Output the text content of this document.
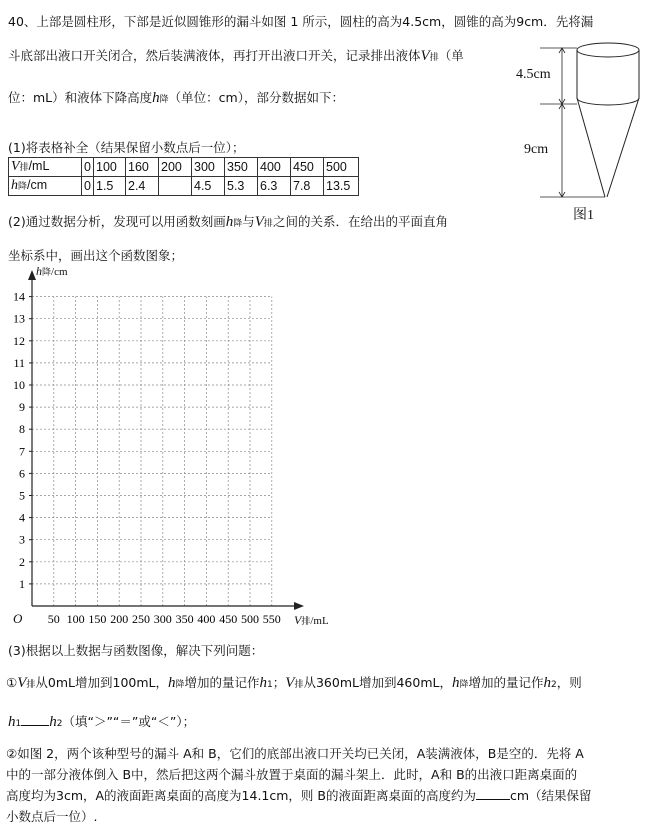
40、上部是圆柱形，下部是近似圆锥形的漏斗如图 1 所示，圆柱的高为4.5cm，圆锥的高为9cm．先将漏
斗底部出液口开关闭合，然后装满液体，再打开出液口开关，记录排出液体V排（单
位：mL）和液体下降高度h降（单位：cm），部分数据如下：
4.5cm
9cm
图1
(1)将表格补全（结果保留小数点后一位）；
V排/mL	0	100	160	200	300	350	400	450	500
h降/cm	0	1.5	2.4		4.5	5.3	6.3	7.8	13.5
(2)通过数据分析，发现可以用函数刻画h降与V排之间的关系．在给出的平面直角
坐标系中，画出这个函数图象；
14
13
12
11
10
9
8
7
6
5
4
3
2
1
50 100 150 200 250 300 350 400 450 500 550
h降/cm
V排/mL
O
(3)根据以上数据与函数图像，解决下列问题：
①V排从0mL增加到100mL，h降增加的量记作h1；V排从360mL增加到460mL，h降增加的量记作h2，则
h1 h2（填“＞”“＝”或“＜”）；
②如图 2，两个该种型号的漏斗 A和 B，它们的底部出液口开关均已关闭，A装满液体，B是空的．先将 A
中的一部分液体倒入 B中，然后把这两个漏斗放置于桌面的漏斗架上．此时，A和 B的出液口距离桌面的
高度均为3cm，A的液面距离桌面的高度为14.1cm，则 B的液面距离桌面的高度约为	cm（结果保留
小数点后一位）.
